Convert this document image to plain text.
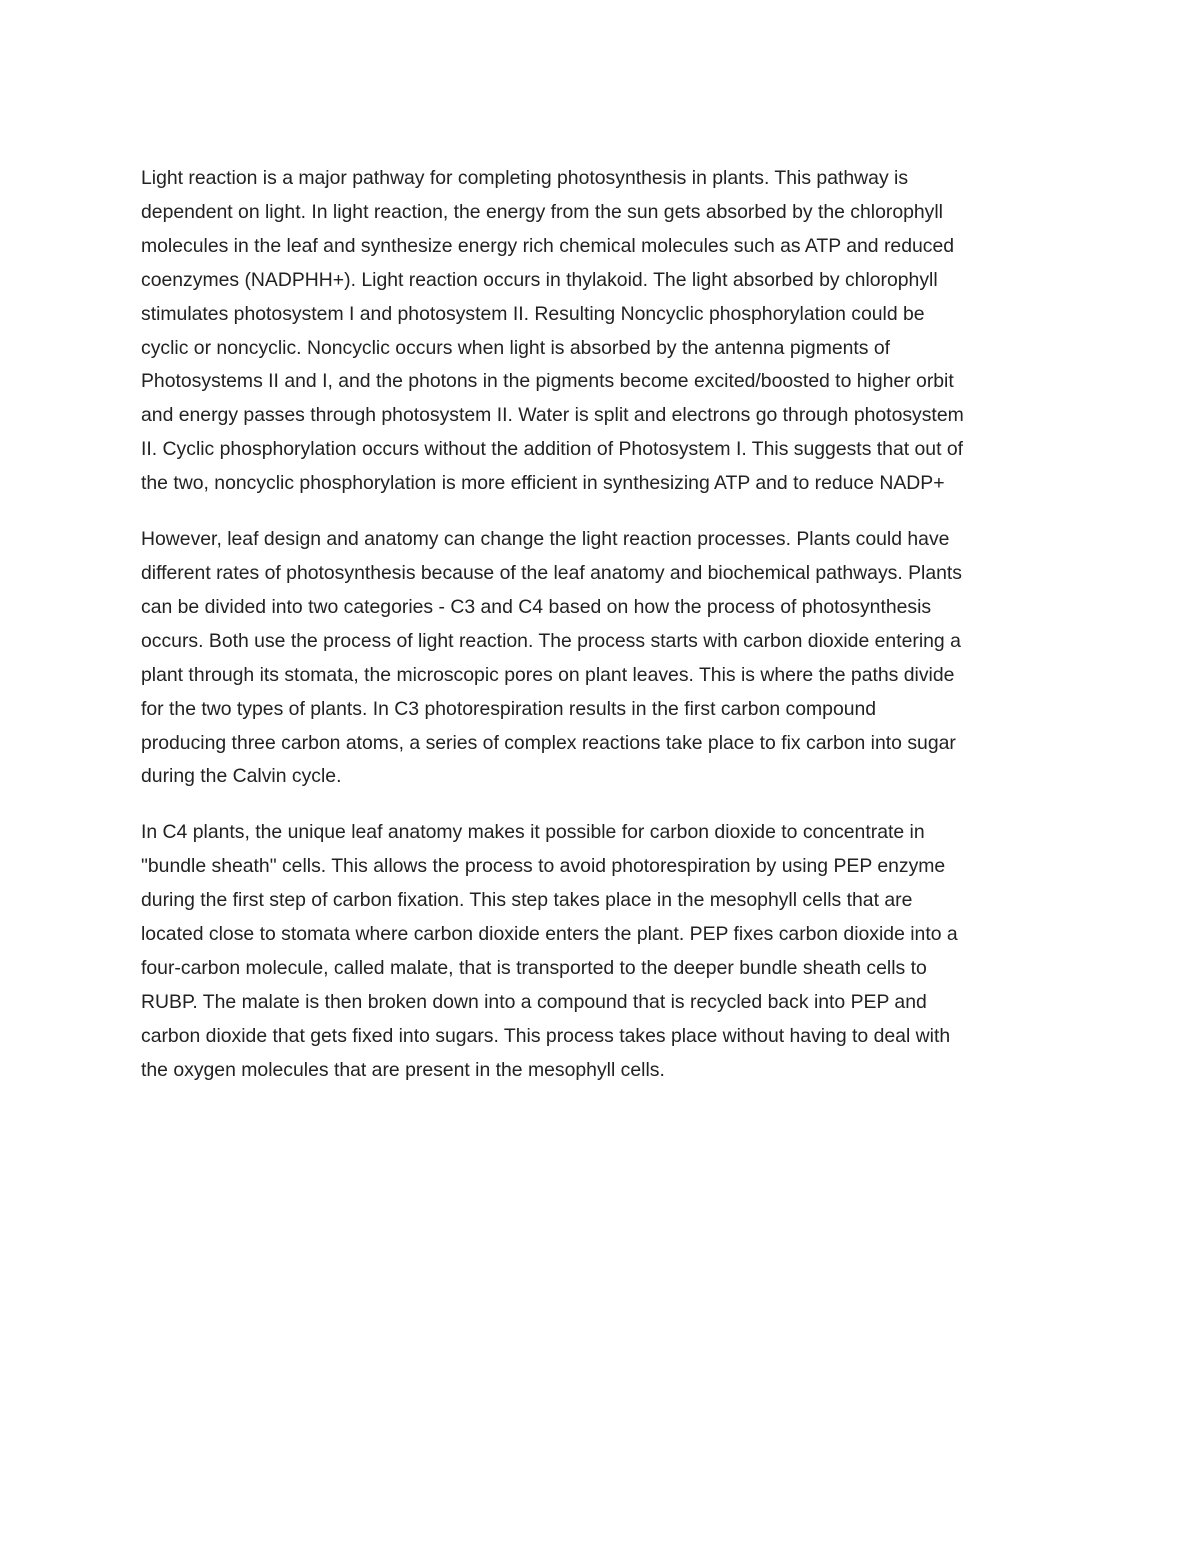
Light reaction is a major pathway for completing photosynthesis in plants. This pathway is
dependent on light. In light reaction, the energy from the sun gets absorbed by the chlorophyll
molecules in the leaf and synthesize energy rich chemical molecules such as ATP and reduced
coenzymes (NADPHH+). Light reaction occurs in thylakoid. The light absorbed by chlorophyll
stimulates photosystem I and photosystem II. Resulting Noncyclic phosphorylation could be
cyclic or noncyclic. Noncyclic occurs when light is absorbed by the antenna pigments of
Photosystems II and I, and the photons in the pigments become excited/boosted to higher orbit
and energy passes through photosystem II. Water is split and electrons go through photosystem
II. Cyclic phosphorylation occurs without the addition of Photosystem I. This suggests that out of
the two, noncyclic phosphorylation is more efficient in synthesizing ATP and to reduce NADP+

However, leaf design and anatomy can change the light reaction processes. Plants could have
different rates of photosynthesis because of the leaf anatomy and biochemical pathways. Plants
can be divided into two categories - C3 and C4 based on how the process of photosynthesis
occurs. Both use the process of light reaction. The process starts with carbon dioxide entering a
plant through its stomata, the microscopic pores on plant leaves. This is where the paths divide
for the two types of plants. In C3 photorespiration results in the first carbon compound
producing three carbon atoms, a series of complex reactions take place to fix carbon into sugar
during the Calvin cycle.

In C4 plants, the unique leaf anatomy makes it possible for carbon dioxide to concentrate in
"bundle sheath" cells. This allows the process to avoid photorespiration by using PEP enzyme
during the first step of carbon fixation. This step takes place in the mesophyll cells that are
located close to stomata where carbon dioxide enters the plant. PEP fixes carbon dioxide into a
four-carbon molecule, called malate, that is transported to the deeper bundle sheath cells to
RUBP. The malate is then broken down into a compound that is recycled back into PEP and
carbon dioxide that gets fixed into sugars. This process takes place without having to deal with
the oxygen molecules that are present in the mesophyll cells.
